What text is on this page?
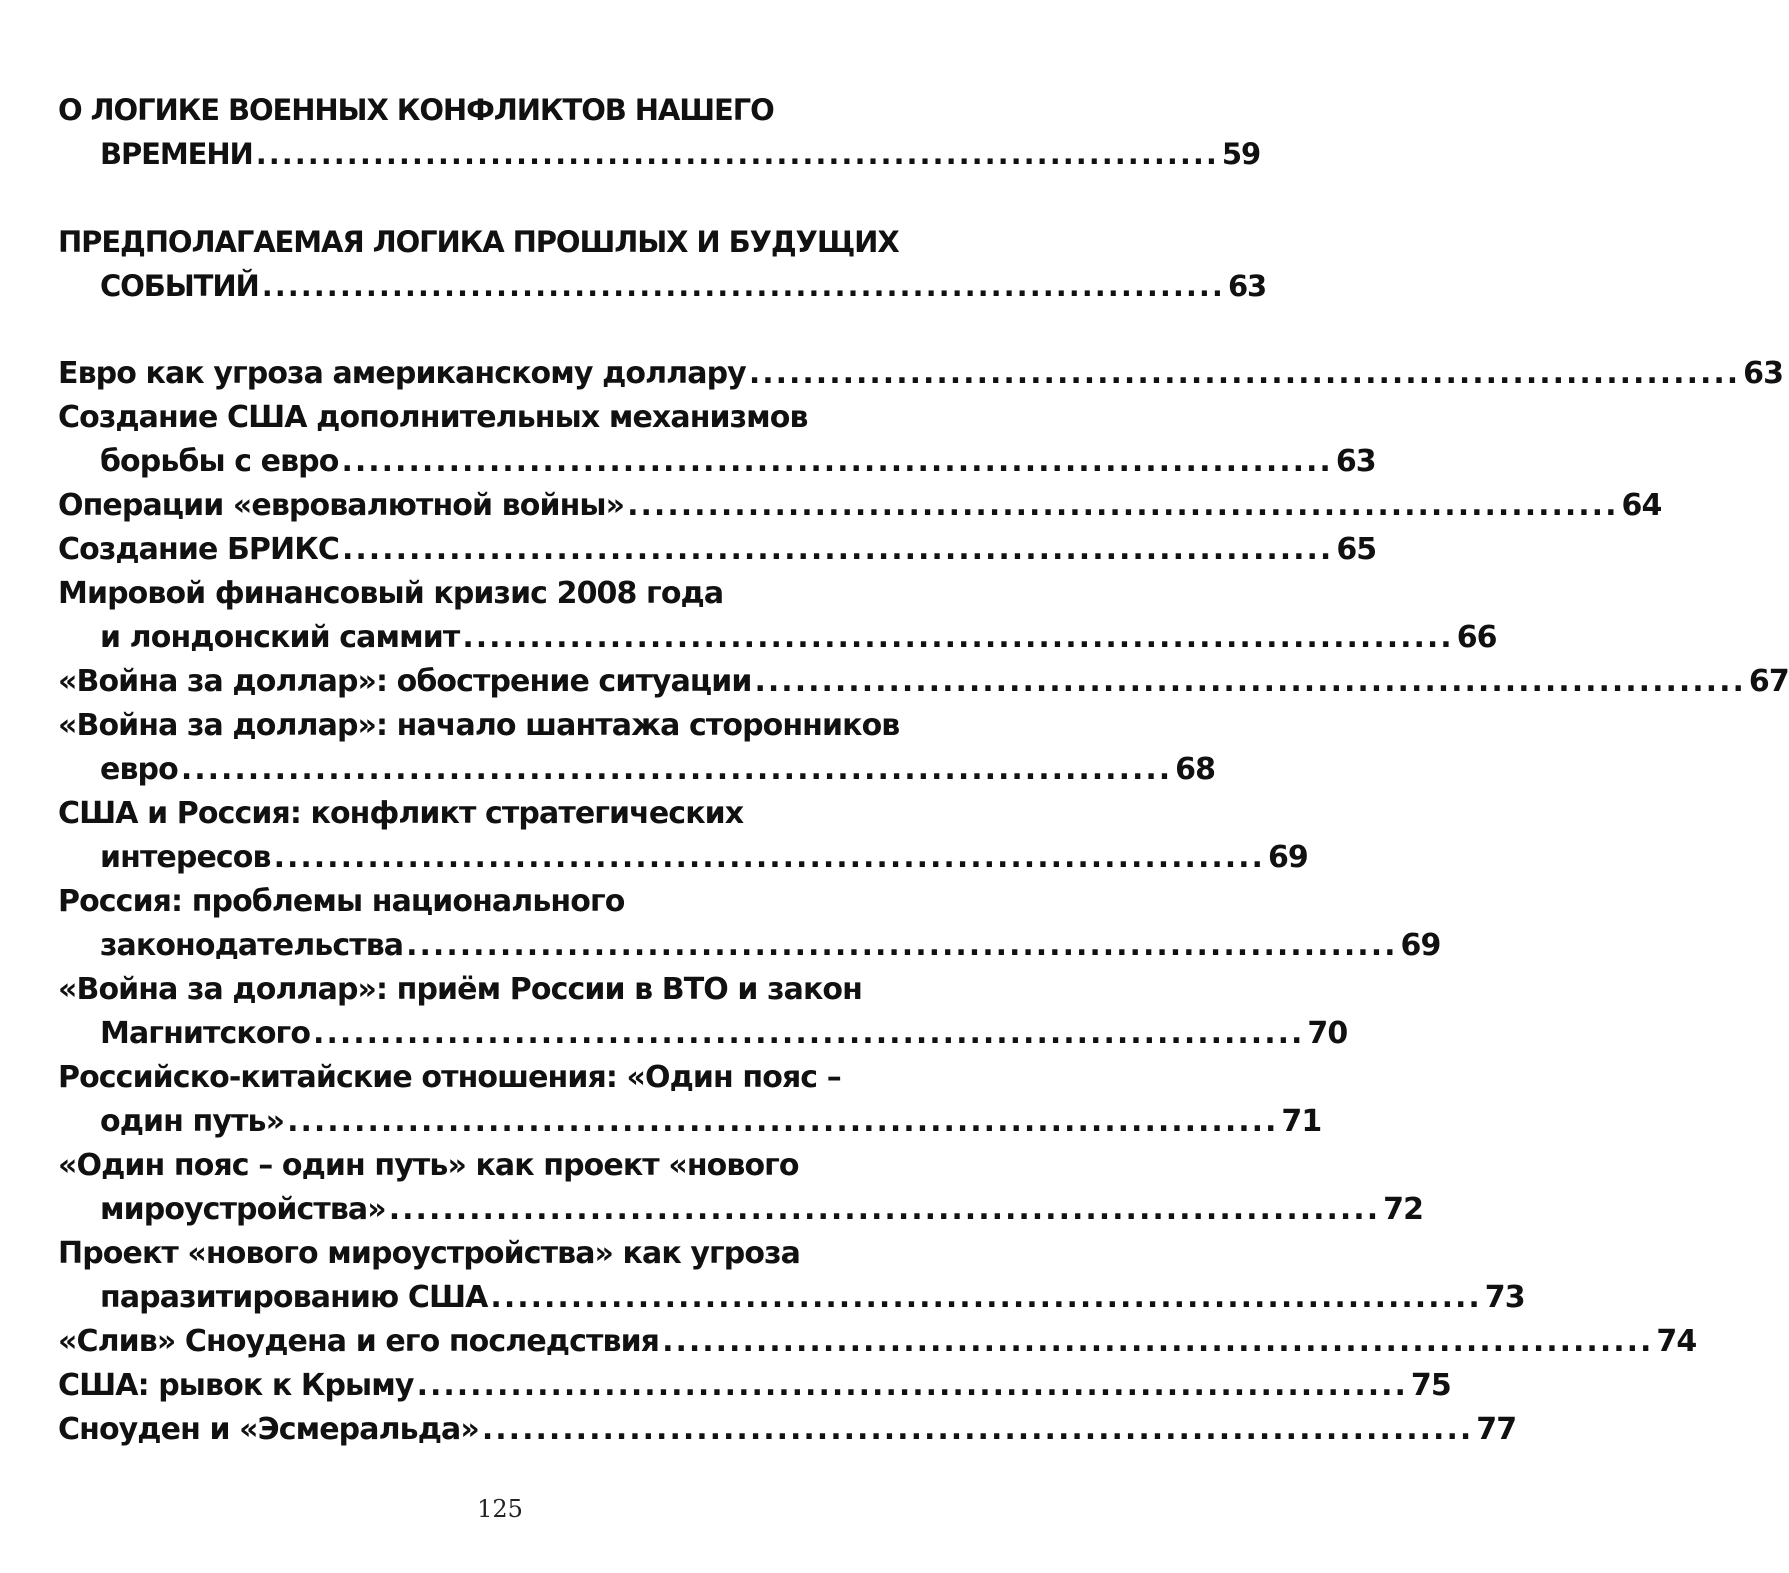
О ЛОГИКЕ ВОЕННЫХ КОНФЛИКТОВ НАШЕГО
ВРЕМЕНИ .......................................................................... 59
ПРЕДПОЛАГАЕМАЯ ЛОГИКА ПРОШЛЫХ И БУДУЩИХ
СОБЫТИЙ .......................................................................... 63
Евро как угроза американскому доллару .......................................................................... 63
Создание США дополнительных механизмов
борьбы с евро .......................................................................... 63
Операции «евровалютной войны» .......................................................................... 64
Создание БРИКС .......................................................................... 65
Мировой финансовый кризис 2008 года
и лондонский саммит .......................................................................... 66
«Война за доллар»: обострение ситуации .......................................................................... 67
«Война за доллар»: начало шантажа сторонников
евро .......................................................................... 68
США и Россия: конфликт стратегических
интересов .......................................................................... 69
Россия: проблемы национального
законодательства .......................................................................... 69
«Война за доллар»: приём России в ВТО и закон
Магнитского .......................................................................... 70
Российско-китайские отношения: «Один пояс –
один путь» .......................................................................... 71
«Один пояс – один путь» как проект «нового
мироустройства» .......................................................................... 72
Проект «нового мироустройства» как угроза
паразитированию США .......................................................................... 73
«Слив» Сноудена и его последствия .......................................................................... 74
США: рывок к Крыму .......................................................................... 75
Сноуден и «Эсмеральда» .......................................................................... 77
125
